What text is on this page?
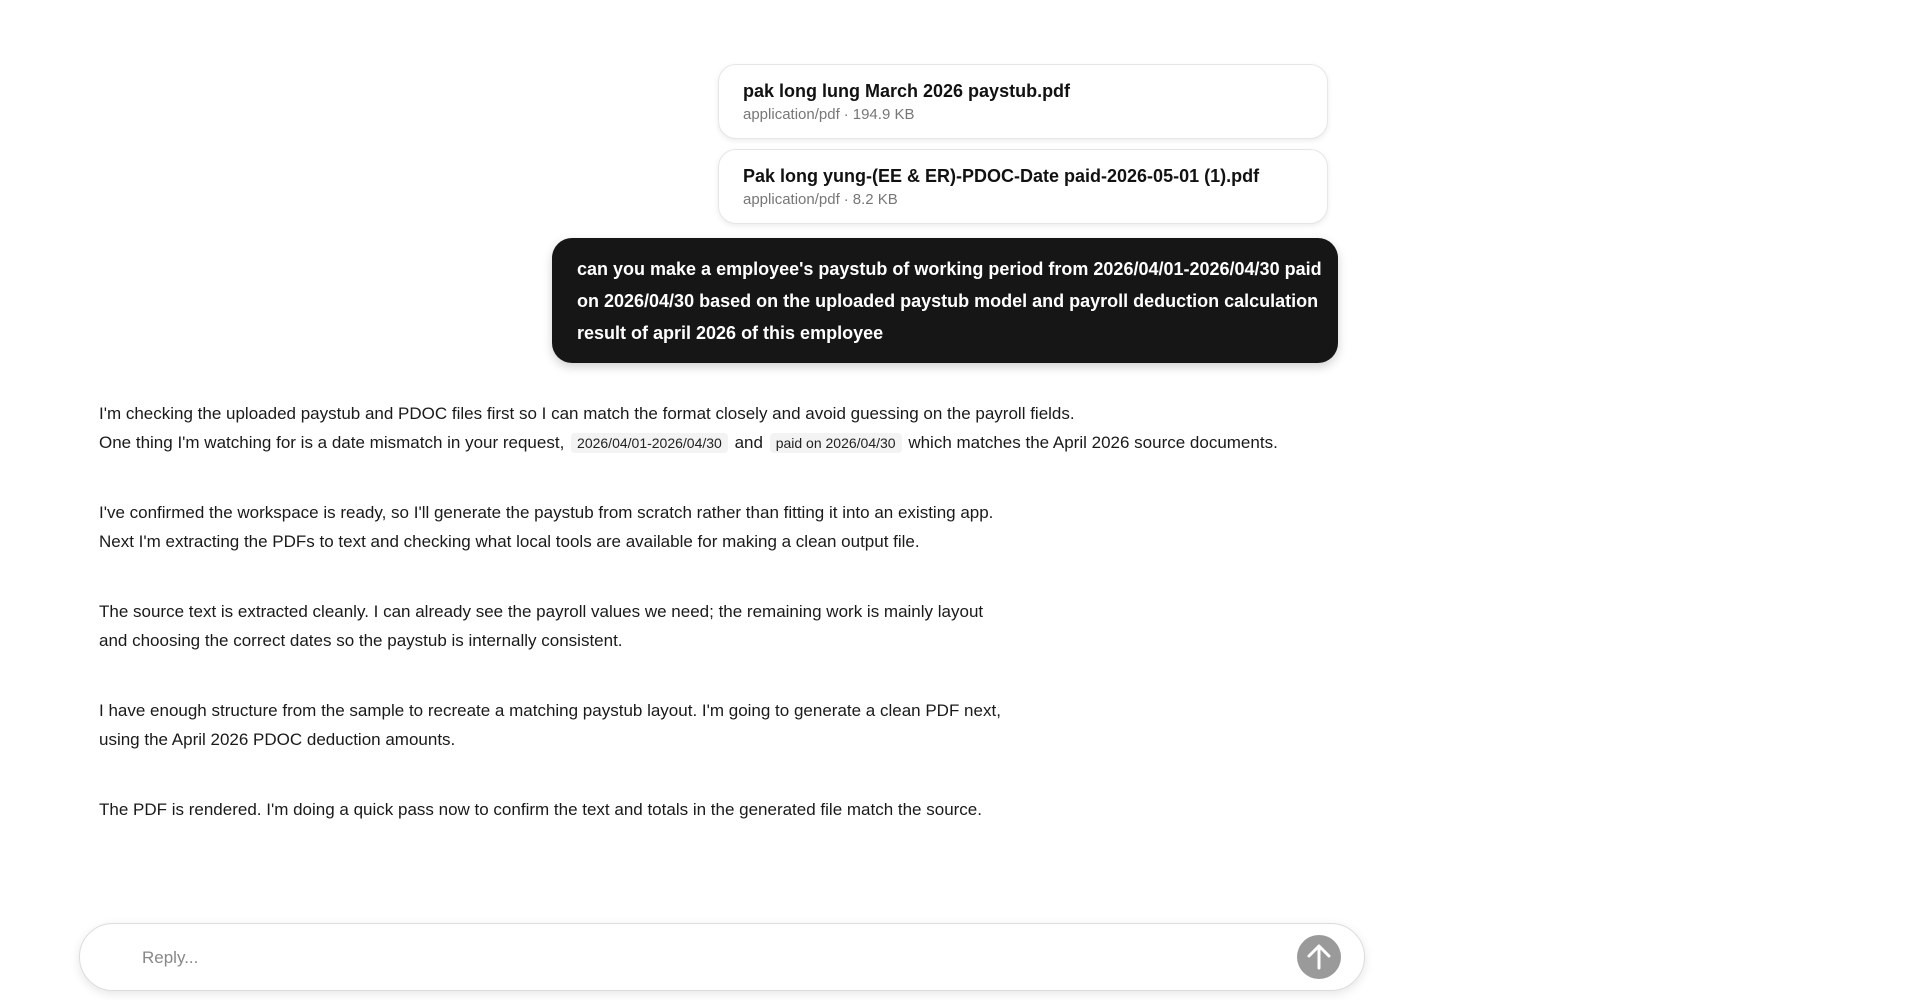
pak long lung March 2026 paystub.pdf
application/pdf · 194.9 KB
Pak long yung-(EE & ER)-PDOC-Date paid-2026-05-01 (1).pdf
application/pdf · 8.2 KB
can you make a employee's paystub of working period from 2026/04/01-2026/04/30 paid on 2026/04/30 based on the uploaded paystub model and payroll deduction calculation result of april 2026 of this employee

I'm checking the uploaded paystub and PDOC files first so I can match the format closely and avoid guessing on the payroll fields.
One thing I'm watching for is a date mismatch in your request, 2026/04/01-2026/04/30 and paid on 2026/04/30 which matches the April 2026 source documents.

I've confirmed the workspace is ready, so I'll generate the paystub from scratch rather than fitting it into an existing app.
Next I'm extracting the PDFs to text and checking what local tools are available for making a clean output file.

The source text is extracted cleanly. I can already see the payroll values we need; the remaining work is mainly layout
and choosing the correct dates so the paystub is internally consistent.

I have enough structure from the sample to recreate a matching paystub layout. I'm going to generate a clean PDF next,
using the April 2026 PDOC deduction amounts.

The PDF is rendered. I'm doing a quick pass now to confirm the text and totals in the generated file match the source.

Reply...
